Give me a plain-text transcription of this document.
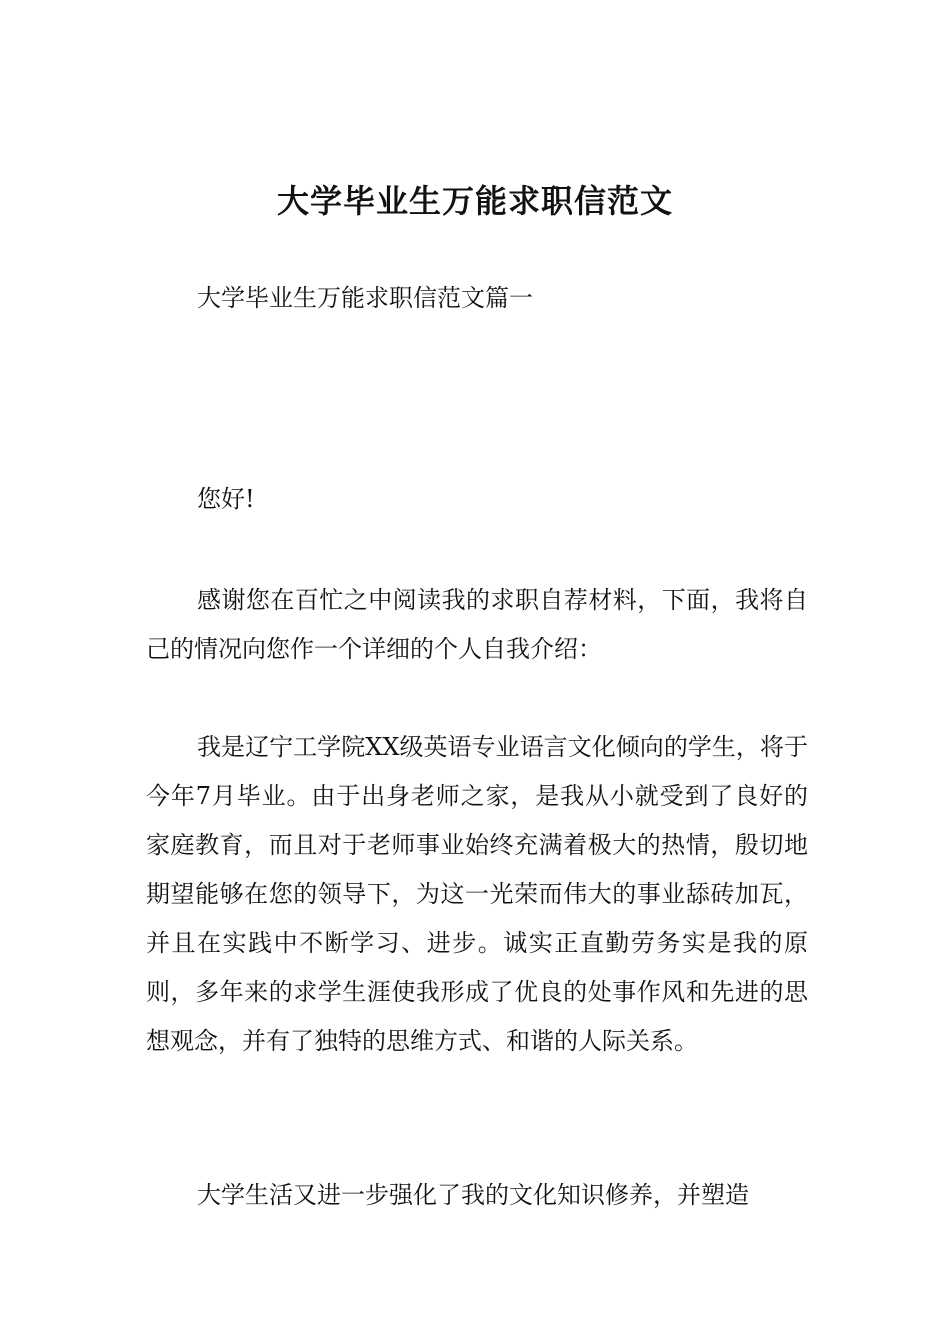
大学毕业生万能求职信范文

大学毕业生万能求职信范文篇一

您好!

感谢您在百忙之中阅读我的求职自荐材料，下面，我将自己的情况向您作一个详细的个人自我介绍：

我是辽宁工学院XX级英语专业语言文化倾向的学生，将于今年7月毕业。由于出身老师之家，是我从小就受到了良好的家庭教育，而且对于老师事业始终充满着极大的热情，殷切地期望能够在您的领导下，为这一光荣而伟大的事业舔砖加瓦，并且在实践中不断学习、进步。诚实正直勤劳务实是我的原则，多年来的求学生涯使我形成了优良的处事作风和先进的思想观念，并有了独特的思维方式、和谐的人际关系。

大学生活又进一步强化了我的文化知识修养，并塑造
